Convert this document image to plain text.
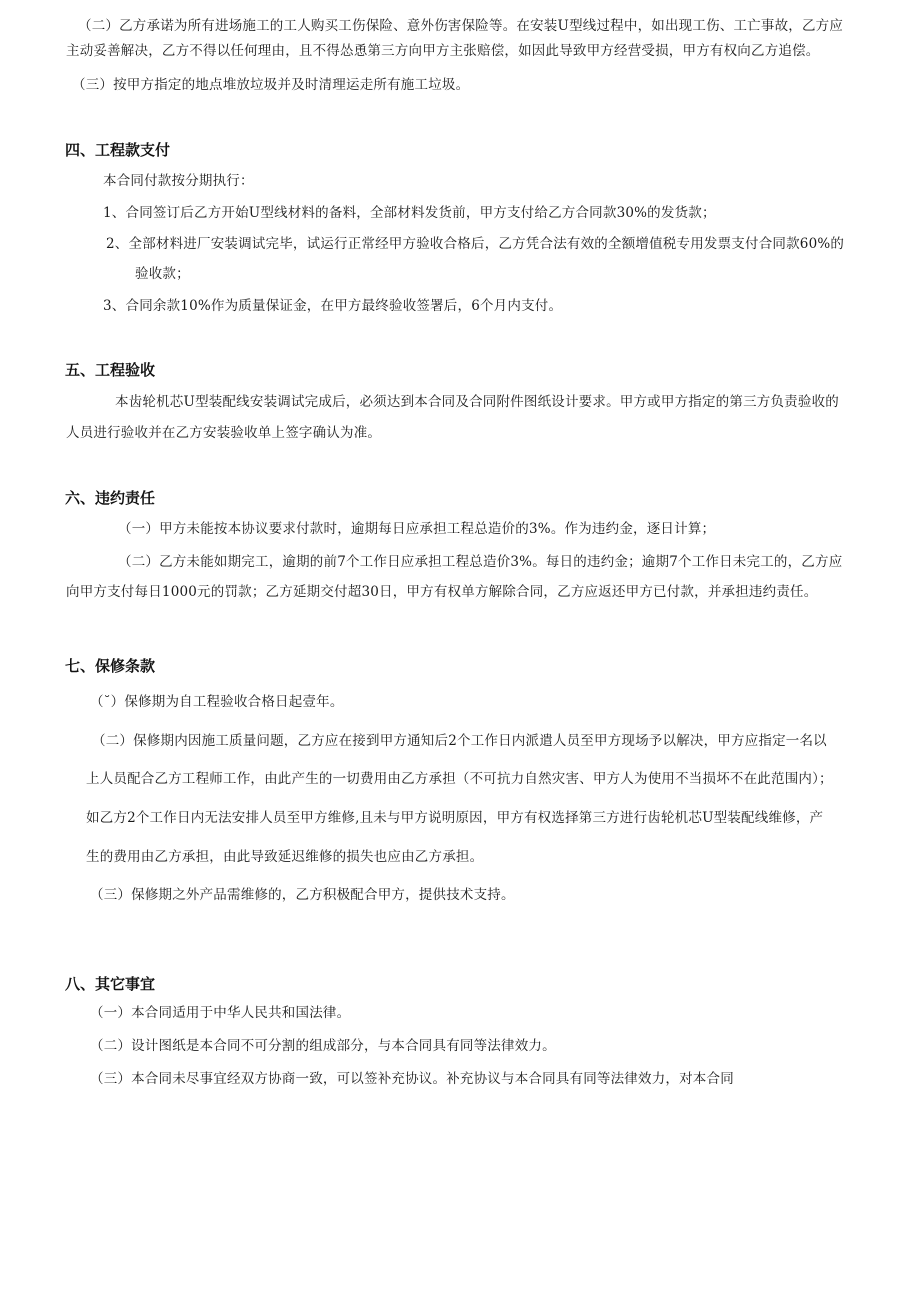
（二）乙方承诺为所有进场施工的工人购买工伤保险、意外伤害保险等。在安装U型线过程中，如出现工伤、工亡事故，乙方应
主动妥善解决，乙方不得以任何理由，且不得怂恿第三方向甲方主张赔偿，如因此导致甲方经营受损，甲方有权向乙方追偿。
（三）按甲方指定的地点堆放垃圾并及时清理运走所有施工垃圾。
四、工程款支付
本合同付款按分期执行：
1、合同签订后乙方开始U型线材料的备料，全部材料发货前，甲方支付给乙方合同款30%的发货款；
2、全部材料进厂安装调试完毕，试运行正常经甲方验收合格后，乙方凭合法有效的全额增值税专用发票支付合同款60%的
验收款；
3、合同余款10%作为质量保证金，在甲方最终验收签署后，6个月内支付。
五、工程验收
本齿轮机芯U型装配线安装调试完成后，必须达到本合同及合同附件图纸设计要求。甲方或甲方指定的第三方负责验收的
人员进行验收并在乙方安装验收单上签字确认为准。
六、违约责任
（一）甲方未能按本协议要求付款时，逾期每日应承担工程总造价的3%。作为违约金，逐日计算；
（二）乙方未能如期完工，逾期的前7个工作日应承担工程总造价3%。每日的违约金；逾期7个工作日未完工的，乙方应
向甲方支付每日1000元的罚款；乙方延期交付超30日，甲方有权单方解除合同，乙方应返还甲方已付款，并承担违约责任。
七、保修条款
（˘）保修期为自工程验收合格日起壹年。
（二）保修期内因施工质量问题，乙方应在接到甲方通知后2个工作日内派遣人员至甲方现场予以解决，甲方应指定一名以
上人员配合乙方工程师工作，由此产生的一切费用由乙方承担（不可抗力自然灾害、甲方人为使用不当损坏不在此范围内）；
如乙方2个工作日内无法安排人员至甲方维修,且未与甲方说明原因，甲方有权选择第三方进行齿轮机芯U型装配线维修，产
生的费用由乙方承担，由此导致延迟维修的损失也应由乙方承担。
（三）保修期之外产品需维修的，乙方积极配合甲方，提供技术支持。
八、其它事宜
（一）本合同适用于中华人民共和国法律。
（二）设计图纸是本合同不可分割的组成部分，与本合同具有同等法律效力。
（三）本合同未尽事宜经双方协商一致，可以签补充协议。补充协议与本合同具有同等法律效力，对本合同
